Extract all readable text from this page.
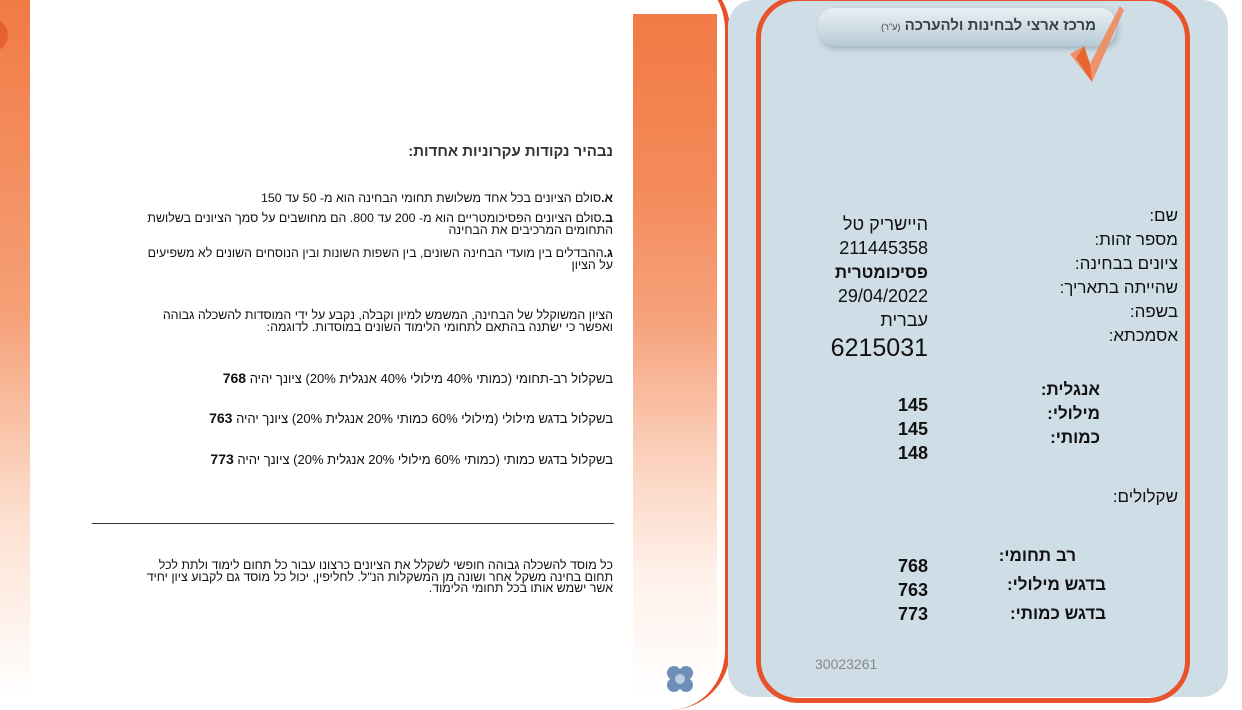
נבהיר נקודות עקרוניות אחדות:
א.סולם הציונים בכל אחד משלושת תחומי הבחינה הוא מ- 50 עד 150
ב.סולם הציונים הפסיכומטריים הוא מ- 200 עד 800. הם מחושבים על סמך הציונים בשלושת
התחומים המרכיבים את הבחינה
ג.ההבדלים בין מועדי הבחינה השונים, בין השפות השונות ובין הנוסחים השונים לא משפיעים
על הציון
הציון המשוקלל של הבחינה, המשמש למיון וקבלה, נקבע על ידי המוסדות להשכלה גבוהה
ואפשר כי ישתנה בהתאם לתחומי הלימוד השונים במוסדות. לדוגמה:
בשקלול רב-תחומי (כמותי 40% מילולי 40% אנגלית 20%) ציונך יהיה 768
בשקלול בדגש מילולי (מילולי 60% כמותי 20% אנגלית 20%) ציונך יהיה 763
בשקלול בדגש כמותי (כמותי 60% מילולי 20% אנגלית 20%) ציונך יהיה 773
כל מוסד להשכלה גבוהה חופשי לשקלל את הציונים כרצונו עבור כל תחום לימוד ולתת לכל
תחום בחינה משקל אחר ושונה מן המשקלות הנ"ל. לחליפין, יכול כל מוסד גם לקבוע ציון יחיד
אשר ישמש אותו בכל תחומי הלימוד.
מרכז ארצי לבחינות ולהערכה (ע"ר)
שם:
מספר זהות:
ציונים בבחינה:
שהייתה בתאריך:
בשפה:
אסמכתא:
היישריק טל
211445358
פסיכומטרית
29/04/2022
עברית
6215031
אנגלית:
מילולי:
כמותי:
145
145
148
שקלולים:
רב תחומי:
בדגש מילולי:
בדגש כמותי:
768
763
773
30023261
